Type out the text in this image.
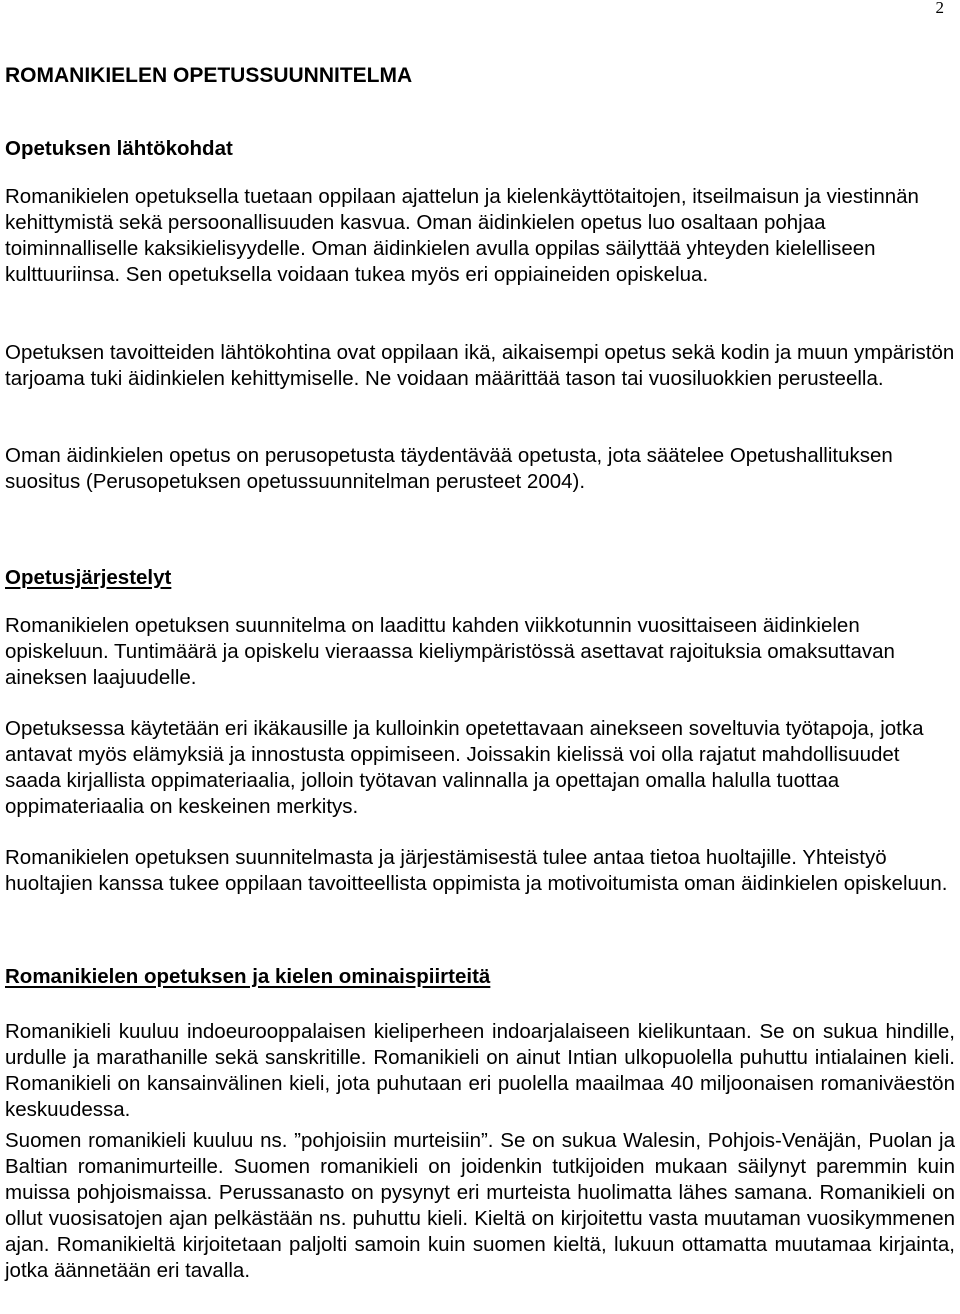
2
ROMANIKIELEN OPETUSSUUNNITELMA
Opetuksen lähtökohdat

Romanikielen opetuksella tuetaan oppilaan ajattelun ja kielenkäyttötaitojen, itseilmaisun ja viestinnän kehittymistä sekä persoonallisuuden kasvua. Oman äidinkielen opetus luo osaltaan pohjaa toiminnalliselle kaksikielisyydelle. Oman äidinkielen avulla oppilas säilyttää yhteyden kielelliseen kulttuuriinsa. Sen opetuksella voidaan tukea myös eri oppiaineiden opiskelua.

Opetuksen tavoitteiden lähtökohtina ovat oppilaan ikä, aikaisempi opetus sekä kodin ja muun ympäristön tarjoama tuki äidinkielen kehittymiselle. Ne voidaan määrittää tason tai vuosiluokkien perusteella.

Oman äidinkielen opetus on perusopetusta täydentävää opetusta, jota säätelee Opetushallituksen suositus (Perusopetuksen opetussuunnitelman perusteet 2004).

Opetusjärjestelyt

Romanikielen opetuksen suunnitelma on laadittu kahden viikkotunnin vuosittaiseen äidinkielen opiskeluun. Tuntimäärä ja opiskelu vieraassa kieliympäristössä asettavat rajoituksia omaksuttavan aineksen laajuudelle.

Opetuksessa käytetään eri ikäkausille ja kulloinkin opetettavaan ainekseen soveltuvia työtapoja, jotka antavat myös elämyksiä ja innostusta oppimiseen. Joissakin kielissä voi olla rajatut mahdollisuudet saada kirjallista oppimateriaalia, jolloin työtavan valinnalla ja opettajan omalla halulla tuottaa oppimateriaalia on keskeinen merkitys.

Romanikielen opetuksen suunnitelmasta ja järjestämisestä tulee antaa tietoa huoltajille. Yhteistyö huoltajien kanssa tukee oppilaan tavoitteellista oppimista ja motivoitumista oman äidinkielen opiskeluun.

Romanikielen opetuksen ja kielen ominaispiirteitä

Romanikieli kuuluu indoeurooppalaisen kieliperheen indoarjalaiseen kielikuntaan. Se on sukua hindille, urdulle ja marathanille sekä sanskritille. Romanikieli on ainut Intian ulkopuolella puhuttu intialainen kieli. Romanikieli on kansainvälinen kieli, jota puhutaan eri puolella maailmaa 40 miljoonaisen romaniväestön keskuudessa.

Suomen romanikieli kuuluu ns. ”pohjoisiin murteisiin”. Se on sukua Walesin, Pohjois-Venäjän, Puolan ja Baltian romanimurteille. Suomen romanikieli on joidenkin tutkijoiden mukaan säilynyt paremmin kuin muissa pohjoismaissa. Perussanasto on pysynyt eri murteista huolimatta lähes samana. Romanikieli on ollut vuosisatojen ajan pelkästään ns. puhuttu kieli. Kieltä on kirjoitettu vasta muutaman vuosikymmenen ajan. Romanikieltä kirjoitetaan paljolti samoin kuin suomen kieltä, lukuun ottamatta muutamaa kirjainta, jotka äännetään eri tavalla.
